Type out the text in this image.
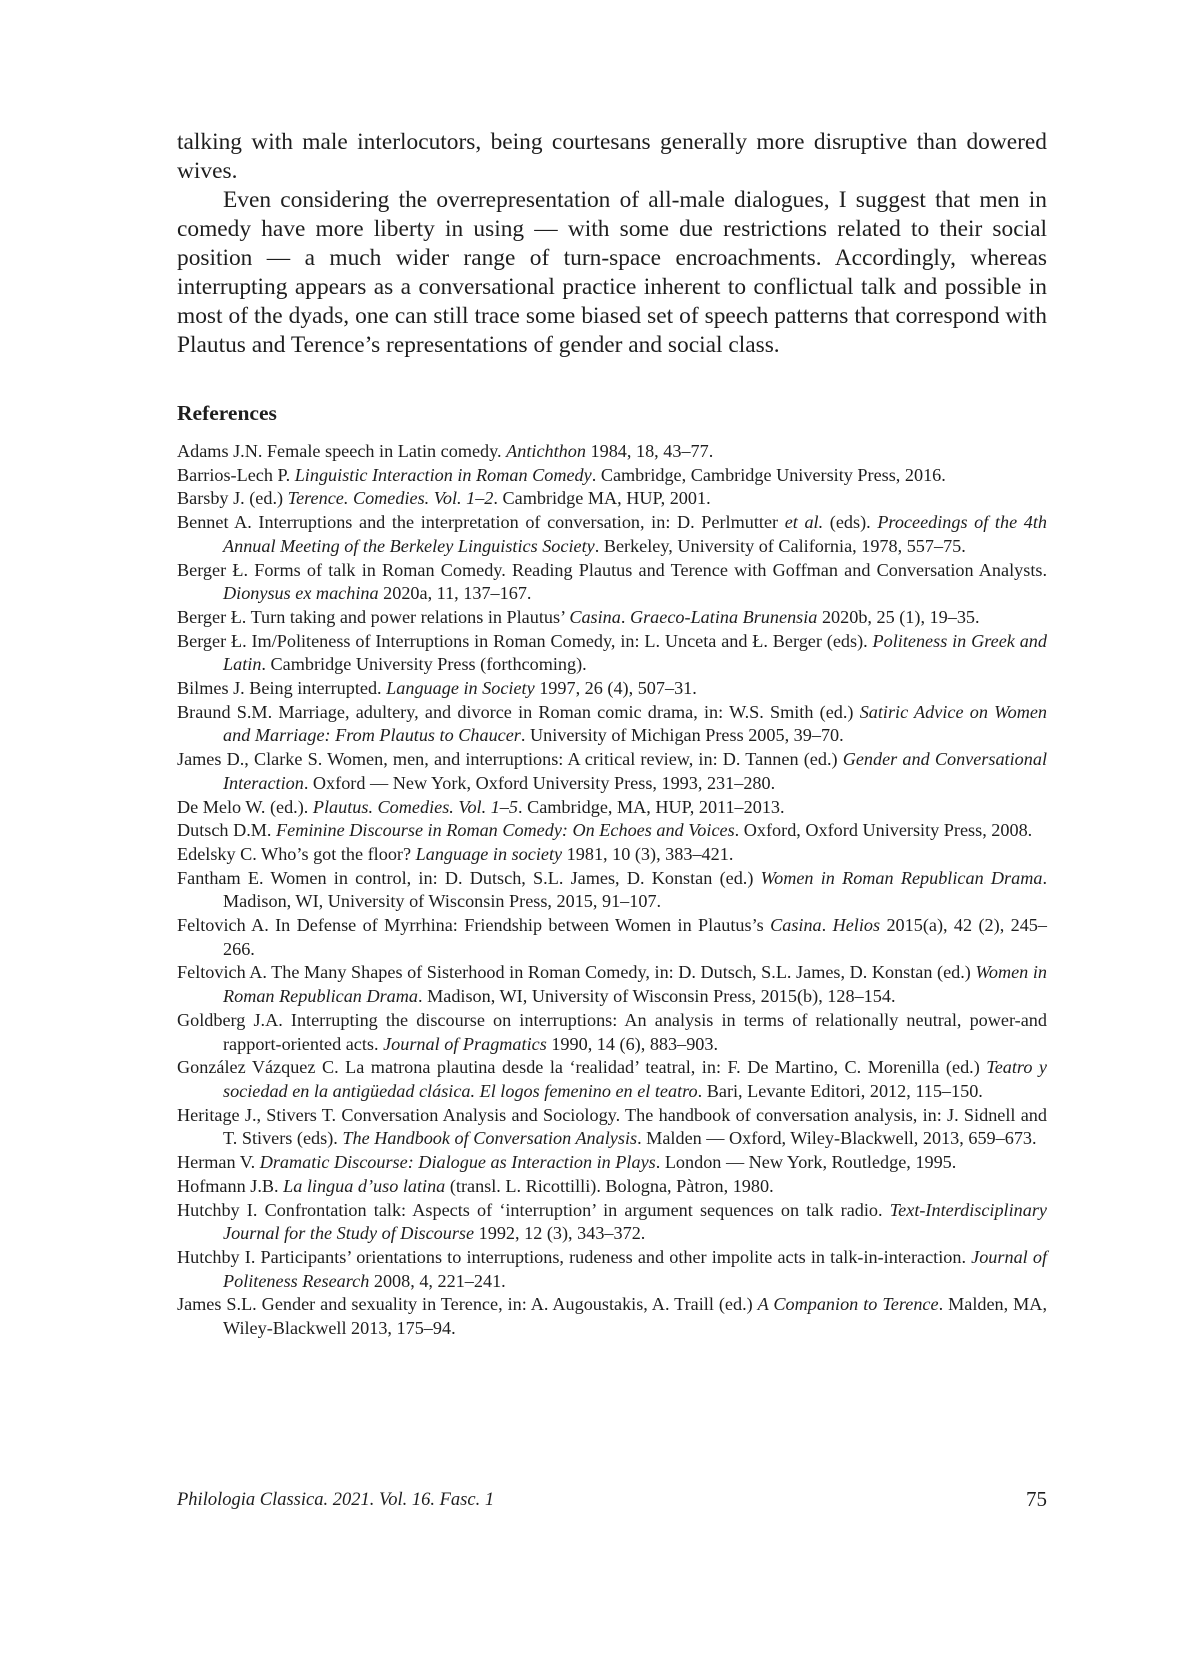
talking with male interlocutors, being courtesans generally more disruptive than dowered wives.

Even considering the overrepresentation of all-male dialogues, I suggest that men in comedy have more liberty in using — with some due restrictions related to their social position — a much wider range of turn-space encroachments. Accordingly, whereas interrupting appears as a conversational practice inherent to conflictual talk and possible in most of the dyads, one can still trace some biased set of speech patterns that correspond with Plautus and Terence’s representations of gender and social class.

References

Adams J.N. Female speech in Latin comedy. Antichthon 1984, 18, 43–77.

Barrios-Lech P. Linguistic Interaction in Roman Comedy. Cambridge, Cambridge University Press, 2016.

Barsby J. (ed.) Terence. Comedies. Vol. 1–2. Cambridge MA, HUP, 2001.

Bennet A. Interruptions and the interpretation of conversation, in: D. Perlmutter et al. (eds). Proceedings of the 4th Annual Meeting of the Berkeley Linguistics Society. Berkeley, University of California, 1978, 557–75.

Berger Ł. Forms of talk in Roman Comedy. Reading Plautus and Terence with Goffman and Conversation Analysts. Dionysus ex machina 2020a, 11, 137–167.

Berger Ł. Turn taking and power relations in Plautus’ Casina. Graeco-Latina Brunensia 2020b, 25 (1), 19–35.

Berger Ł. Im/Politeness of Interruptions in Roman Comedy, in: L. Unceta and Ł. Berger (eds). Politeness in Greek and Latin. Cambridge University Press (forthcoming).

Bilmes J. Being interrupted. Language in Society 1997, 26 (4), 507–31.

Braund S.M. Marriage, adultery, and divorce in Roman comic drama, in: W.S. Smith (ed.) Satiric Advice on Women and Marriage: From Plautus to Chaucer. University of Michigan Press 2005, 39–70.

James D., Clarke S. Women, men, and interruptions: A critical review, in: D. Tannen (ed.) Gender and Conversational Interaction. Oxford — New York, Oxford University Press, 1993, 231–280.

De Melo W. (ed.). Plautus. Comedies. Vol. 1–5. Cambridge, MA, HUP, 2011–2013.

Dutsch D.M. Feminine Discourse in Roman Comedy: On Echoes and Voices. Oxford, Oxford University Press, 2008.

Edelsky C. Who’s got the floor? Language in society 1981, 10 (3), 383–421.

Fantham E. Women in control, in: D. Dutsch, S.L. James, D. Konstan (ed.) Women in Roman Republican Drama. Madison, WI, University of Wisconsin Press, 2015, 91–107.

Feltovich A. In Defense of Myrrhina: Friendship between Women in Plautus’s Casina. Helios 2015(a), 42 (2), 245–266.

Feltovich A. The Many Shapes of Sisterhood in Roman Comedy, in: D. Dutsch, S.L. James, D. Konstan (ed.) Women in Roman Republican Drama. Madison, WI, University of Wisconsin Press, 2015(b), 128–154.

Goldberg J.A. Interrupting the discourse on interruptions: An analysis in terms of relationally neutral, power-and rapport-oriented acts. Journal of Pragmatics 1990, 14 (6), 883–903.

González Vázquez C. La matrona plautina desde la ‘realidad’ teatral, in: F. De Martino, C. Morenilla (ed.) Teatro y sociedad en la antigüedad clásica. El logos femenino en el teatro. Bari, Levante Editori, 2012, 115–150.

Heritage J., Stivers T. Conversation Analysis and Sociology. The handbook of conversation analysis, in: J. Sidnell and T. Stivers (eds). The Handbook of Conversation Analysis. Malden — Oxford, Wiley-Blackwell, 2013, 659–673.

Herman V. Dramatic Discourse: Dialogue as Interaction in Plays. London — New York, Routledge, 1995.

Hofmann J.B. La lingua d’uso latina (transl. L. Ricottilli). Bologna, Pàtron, 1980.

Hutchby I. Confrontation talk: Aspects of ‘interruption’ in argument sequences on talk radio. Text-Interdisciplinary Journal for the Study of Discourse 1992, 12 (3), 343–372.

Hutchby I. Participants’ orientations to interruptions, rudeness and other impolite acts in talk-in-interaction. Journal of Politeness Research 2008, 4, 221–241.

James S.L. Gender and sexuality in Terence, in: A. Augoustakis, A. Traill (ed.) A Companion to Terence. Malden, MA, Wiley-Blackwell 2013, 175–94.

Philologia Classica. 2021. Vol. 16. Fasc. 1	75
